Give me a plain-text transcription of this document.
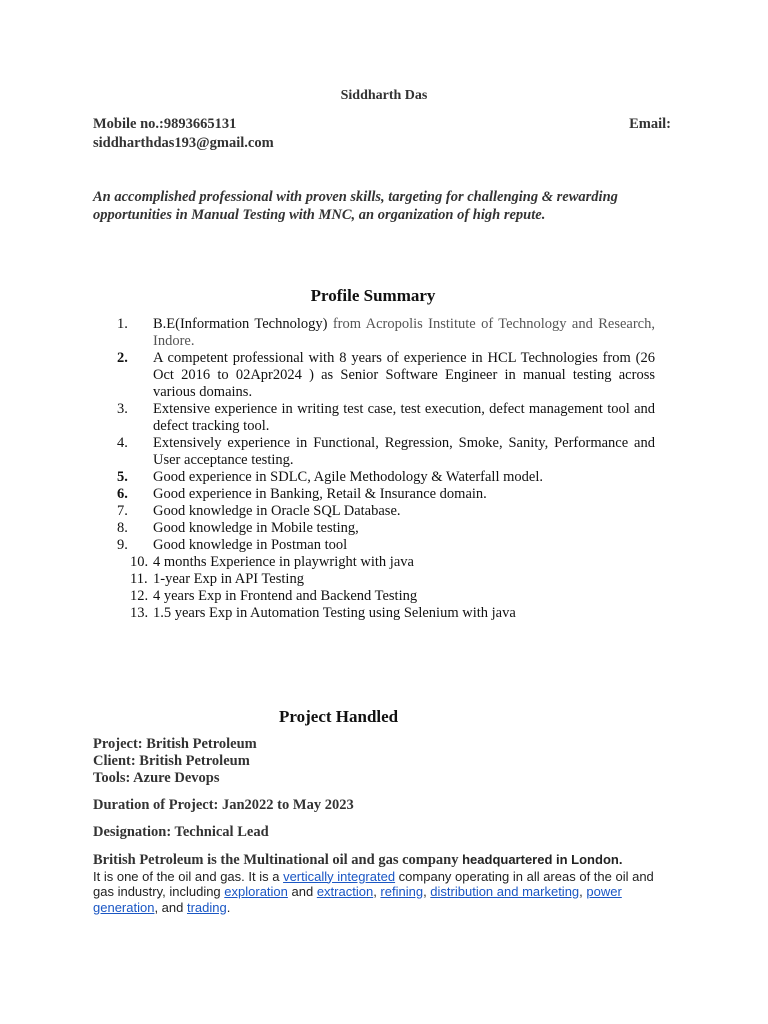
Siddharth Das
Mobile no.:9893665131	Email:
siddharthdas193@gmail.com
An accomplished professional with proven skills, targeting for challenging & rewarding opportunities in Manual Testing with MNC, an organization of high repute.
Profile Summary
1. B.E(Information Technology) from Acropolis Institute of Technology and Research, Indore.
2. A competent professional with 8 years of experience in HCL Technologies from (26 Oct 2016 to 02Apr2024 ) as Senior Software Engineer in manual testing across various domains.
3. Extensive experience in writing test case, test execution, defect management tool and defect tracking tool.
4. Extensively experience in Functional, Regression, Smoke, Sanity, Performance and User acceptance testing.
5. Good experience in SDLC, Agile Methodology & Waterfall model.
6. Good experience in Banking, Retail & Insurance domain.
7. Good knowledge in Oracle SQL Database.
8. Good knowledge in Mobile testing,
9. Good knowledge in Postman tool
10. 4 months Experience in playwright with java
11. 1-year Exp in API Testing
12. 4 years Exp in Frontend and Backend Testing
13. 1.5 years Exp in Automation Testing using Selenium with java
Project Handled
Project: British Petroleum
Client: British Petroleum
Tools: Azure Devops
Duration of Project: Jan2022 to May 2023
Designation: Technical Lead
British Petroleum is the Multinational oil and gas company headquartered in London.
It is one of the oil and gas. It is a vertically integrated company operating in all areas of the oil and gas industry, including exploration and extraction, refining, distribution and marketing, power generation, and trading.
